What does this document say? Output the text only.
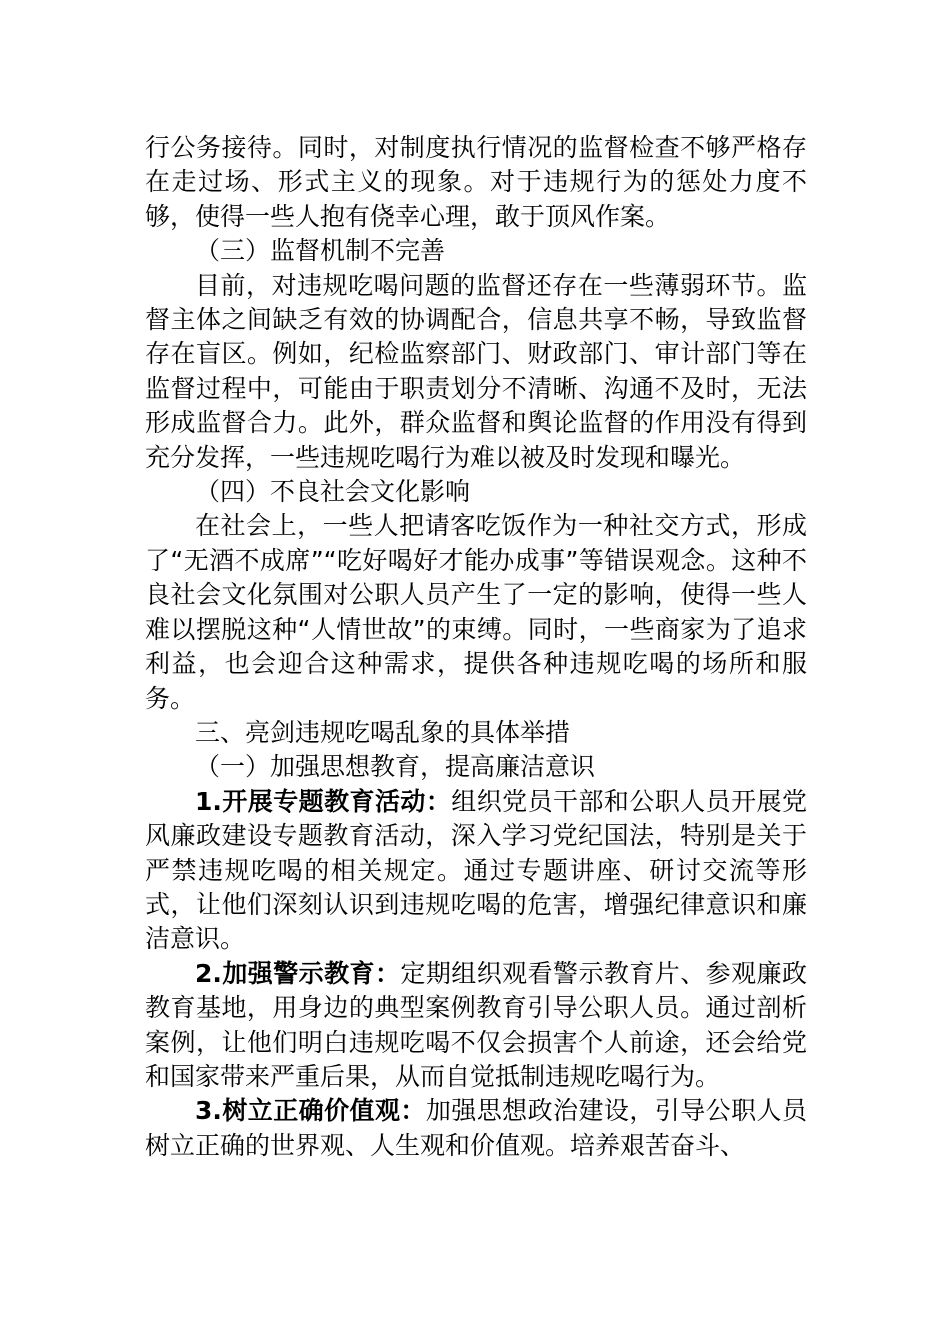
行公务接待。同时，对制度执行情况的监督检查不够严格存在走过场、形式主义的现象。对于违规行为的惩处力度不够，使得一些人抱有侥幸心理，敢于顶风作案。

（三）监督机制不完善

目前，对违规吃喝问题的监督还存在一些薄弱环节。监督主体之间缺乏有效的协调配合，信息共享不畅，导致监督存在盲区。例如，纪检监察部门、财政部门、审计部门等在监督过程中，可能由于职责划分不清晰、沟通不及时，无法形成监督合力。此外，群众监督和舆论监督的作用没有得到充分发挥，一些违规吃喝行为难以被及时发现和曝光。

（四）不良社会文化影响

在社会上，一些人把请客吃饭作为一种社交方式，形成了“无酒不成席”“吃好喝好才能办成事”等错误观念。这种不良社会文化氛围对公职人员产生了一定的影响，使得一些人难以摆脱这种“人情世故”的束缚。同时，一些商家为了追求利益，也会迎合这种需求，提供各种违规吃喝的场所和服务。

三、亮剑违规吃喝乱象的具体举措

（一）加强思想教育，提高廉洁意识

1.开展专题教育活动：组织党员干部和公职人员开展党风廉政建设专题教育活动，深入学习党纪国法，特别是关于严禁违规吃喝的相关规定。通过专题讲座、研讨交流等形式，让他们深刻认识到违规吃喝的危害，增强纪律意识和廉洁意识。

2.加强警示教育：定期组织观看警示教育片、参观廉政教育基地，用身边的典型案例教育引导公职人员。通过剖析案例，让他们明白违规吃喝不仅会损害个人前途，还会给党和国家带来严重后果，从而自觉抵制违规吃喝行为。

3.树立正确价值观：加强思想政治建设，引导公职人员树立正确的世界观、人生观和价值观。培养艰苦奋斗、
